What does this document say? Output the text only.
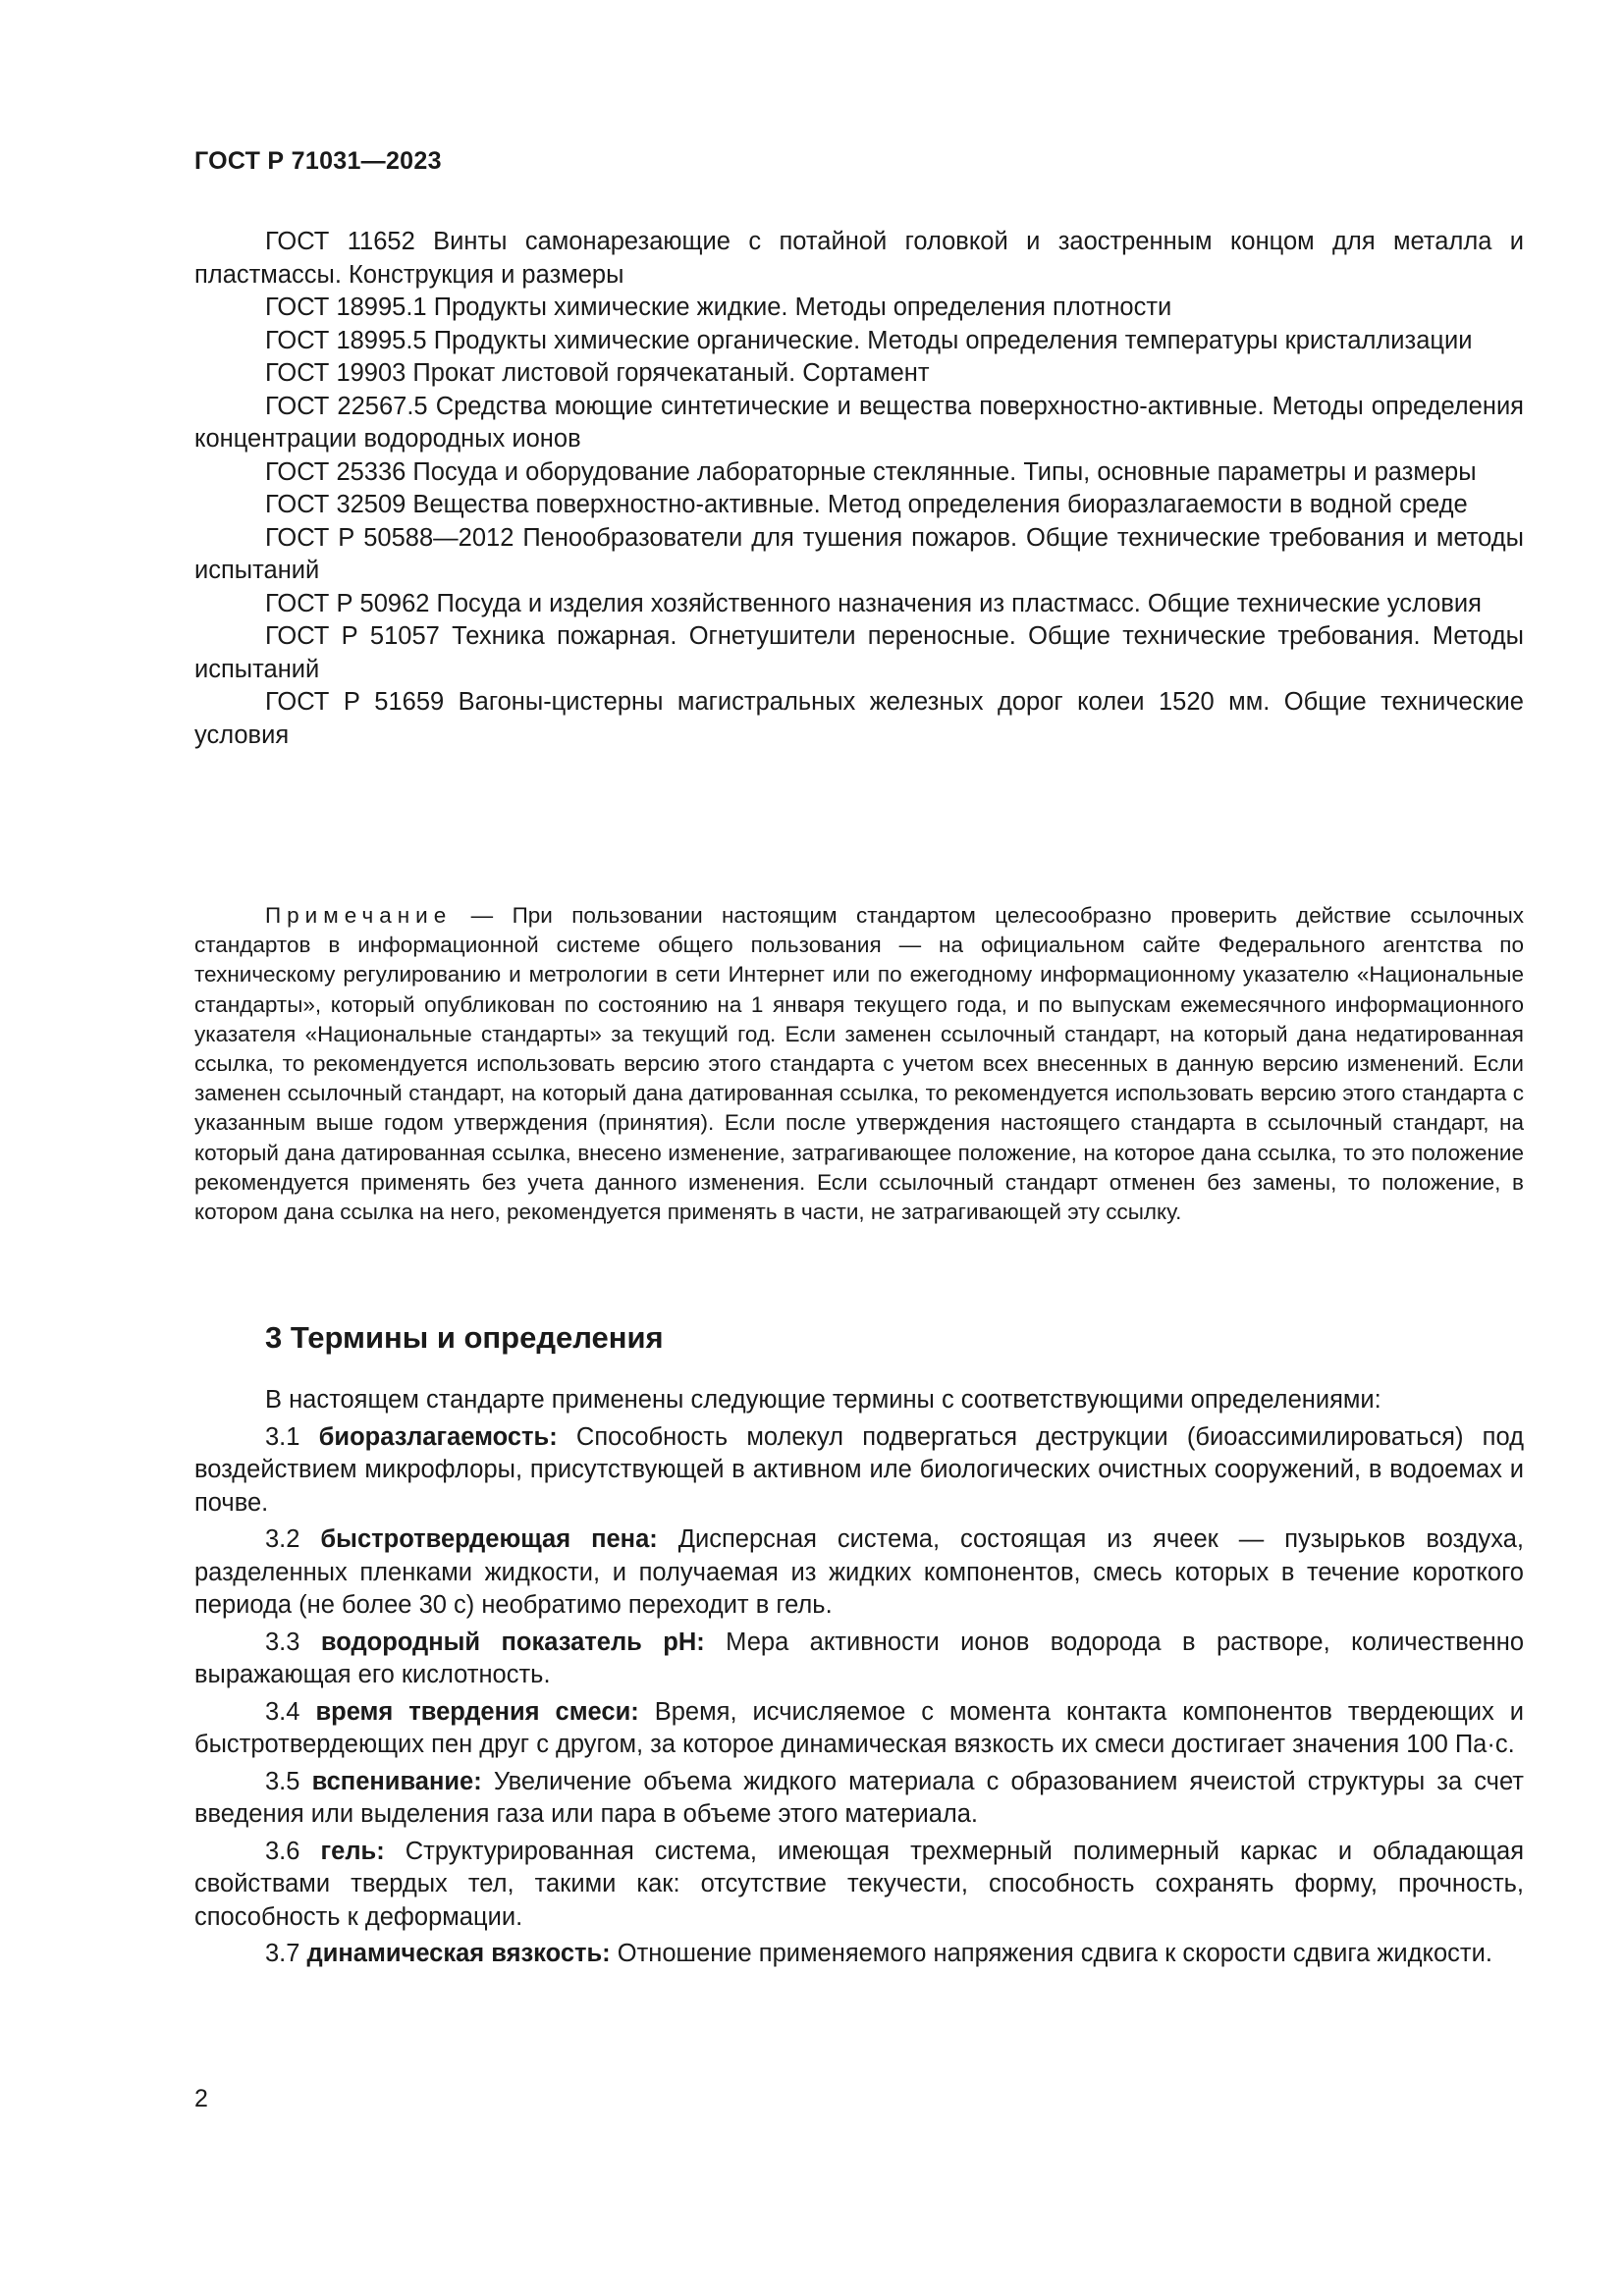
ГОСТ Р 71031—2023

ГОСТ 11652 Винты самонарезающие с потайной головкой и заостренным концом для металла и пластмассы. Конструкция и размеры

ГОСТ 18995.1 Продукты химические жидкие. Методы определения плотности

ГОСТ 18995.5 Продукты химические органические. Методы определения температуры кристаллизации

ГОСТ 19903 Прокат листовой горячекатаный. Сортамент

ГОСТ 22567.5 Средства моющие синтетические и вещества поверхностно-активные. Методы определения концентрации водородных ионов

ГОСТ 25336 Посуда и оборудование лабораторные стеклянные. Типы, основные параметры и размеры

ГОСТ 32509 Вещества поверхностно-активные. Метод определения биоразлагаемости в водной среде

ГОСТ Р 50588—2012 Пенообразователи для тушения пожаров. Общие технические требования и методы испытаний

ГОСТ Р 50962 Посуда и изделия хозяйственного назначения из пластмасс. Общие технические условия

ГОСТ Р 51057 Техника пожарная. Огнетушители переносные. Общие технические требования. Методы испытаний

ГОСТ Р 51659 Вагоны-цистерны магистральных железных дорог колеи 1520 мм. Общие технические условия

Примечание — При пользовании настоящим стандартом целесообразно проверить действие ссылочных стандартов в информационной системе общего пользования — на официальном сайте Федерального агентства по техническому регулированию и метрологии в сети Интернет или по ежегодному информационному указателю «Национальные стандарты», который опубликован по состоянию на 1 января текущего года, и по выпускам ежемесячного информационного указателя «Национальные стандарты» за текущий год. Если заменен ссылочный стандарт, на который дана недатированная ссылка, то рекомендуется использовать версию этого стандарта с учетом всех внесенных в данную версию изменений. Если заменен ссылочный стандарт, на который дана датированная ссылка, то рекомендуется использовать версию этого стандарта с указанным выше годом утверждения (принятия). Если после утверждения настоящего стандарта в ссылочный стандарт, на который дана датированная ссылка, внесено изменение, затрагивающее положение, на которое дана ссылка, то это положение рекомендуется применять без учета данного изменения. Если ссылочный стандарт отменен без замены, то положение, в котором дана ссылка на него, рекомендуется применять в части, не затрагивающей эту ссылку.

3 Термины и определения

В настоящем стандарте применены следующие термины с соответствующими определениями:

3.1 биоразлагаемость: Способность молекул подвергаться деструкции (биоассимилироваться) под воздействием микрофлоры, присутствующей в активном иле биологических очистных сооружений, в водоемах и почве.

3.2 быстротвердеющая пена: Дисперсная система, состоящая из ячеек — пузырьков воздуха, разделенных пленками жидкости, и получаемая из жидких компонентов, смесь которых в течение короткого периода (не более 30 с) необратимо переходит в гель.

3.3 водородный показатель рН: Мера активности ионов водорода в растворе, количественно выражающая его кислотность.

3.4 время твердения смеси: Время, исчисляемое с момента контакта компонентов твердеющих и быстротвердеющих пен друг с другом, за которое динамическая вязкость их смеси достигает значения 100 Па·с.

3.5 вспенивание: Увеличение объема жидкого материала с образованием ячеистой структуры за счет введения или выделения газа или пара в объеме этого материала.

3.6 гель: Структурированная система, имеющая трехмерный полимерный каркас и обладающая свойствами твердых тел, такими как: отсутствие текучести, способность сохранять форму, прочность, способность к деформации.

3.7 динамическая вязкость: Отношение применяемого напряжения сдвига к скорости сдвига жидкости.

2
